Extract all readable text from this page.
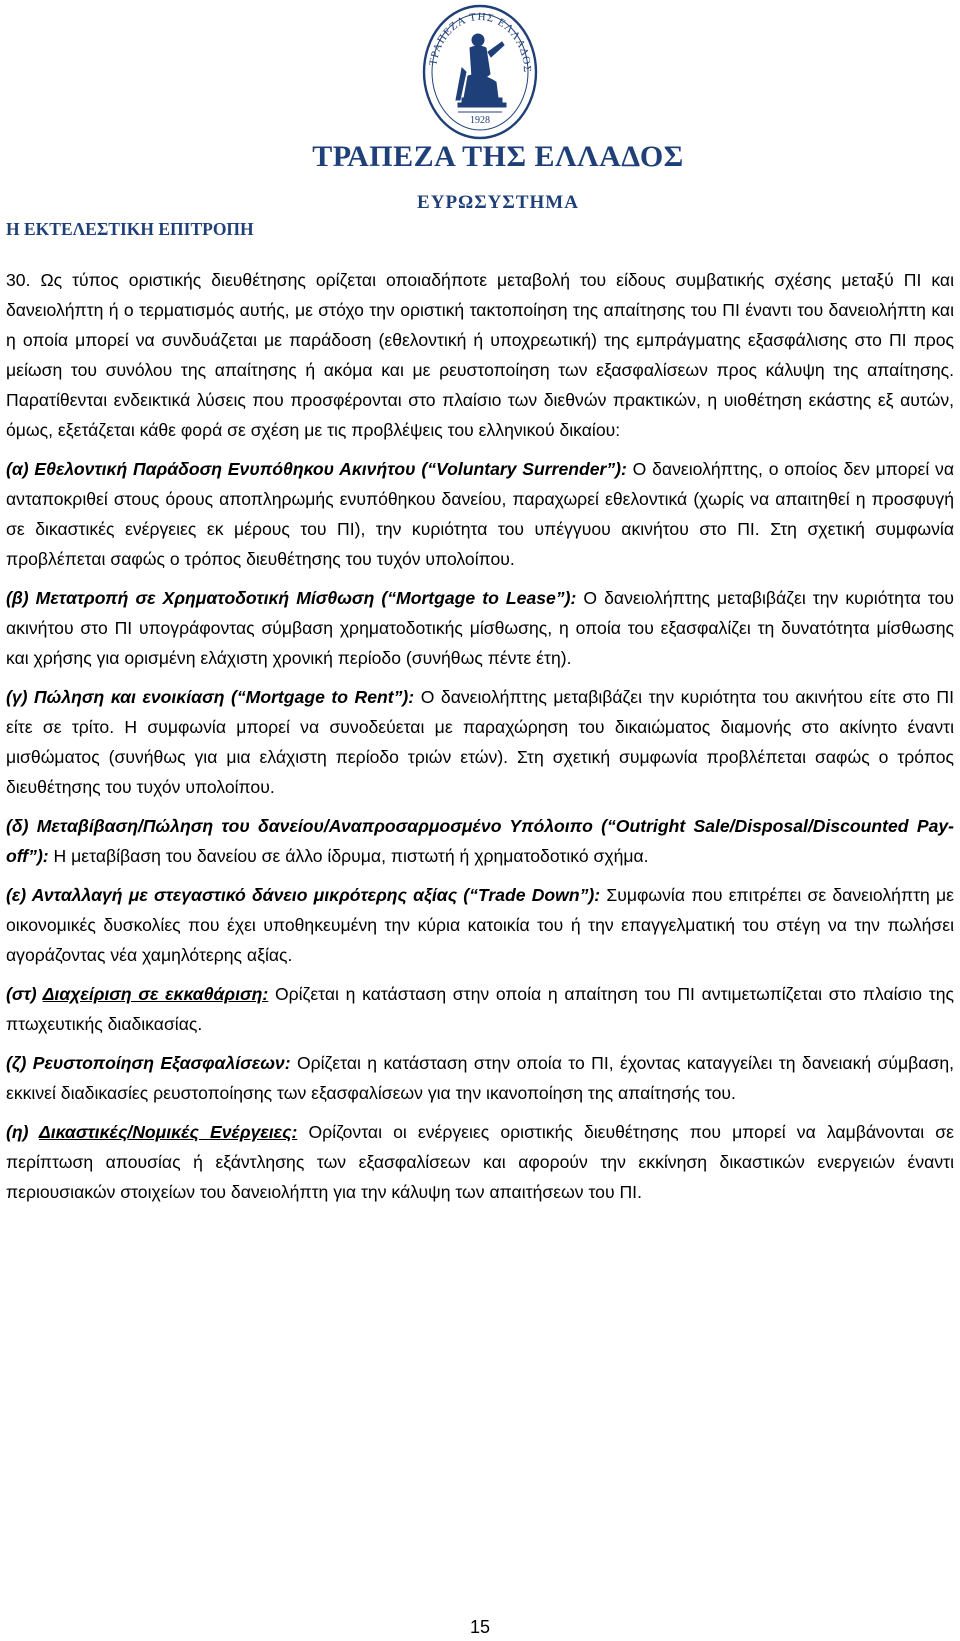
ΤΡΑΠΕΖΑ ΤΗΣ ΕΛΛΑΔΟΣ
1928
ΤΡΑΠΕΖΑ ΤΗΣ ΕΛΛΑΔΟΣ
ΕΥΡΩΣΥΣΤΗΜΑ
Η ΕΚΤΕΛΕΣΤΙΚΗ ΕΠΙΤΡΟΠΗ

30. Ως τύπος οριστικής διευθέτησης ορίζεται οποιαδήποτε μεταβολή του είδους συμβατικής σχέσης μεταξύ ΠΙ και δανειολήπτη ή ο τερματισμός αυτής, με στόχο την οριστική τακτοποίηση της απαίτησης του ΠΙ έναντι του δανειολήπτη και η οποία μπορεί να συνδυάζεται με παράδοση (εθελοντική ή υποχρεωτική) της εμπράγματης εξασφάλισης στο ΠΙ προς μείωση του συνόλου της απαίτησης ή ακόμα και με ρευστοποίηση των εξασφαλίσεων προς κάλυψη της απαίτησης. Παρατίθενται ενδεικτικά λύσεις που προσφέρονται στο πλαίσιο των διεθνών πρακτικών, η υιοθέτηση εκάστης εξ αυτών, όμως, εξετάζεται κάθε φορά σε σχέση με τις προβλέψεις του ελληνικού δικαίου:

(α) Εθελοντική Παράδοση Ενυπόθηκου Ακινήτου (“Voluntary Surrender”): Ο δανειολήπτης, ο οποίος δεν μπορεί να ανταποκριθεί στους όρους αποπληρωμής ενυπόθηκου δανείου, παραχωρεί εθελοντικά (χωρίς να απαιτηθεί η προσφυγή σε δικαστικές ενέργειες εκ μέρους του ΠΙ), την κυριότητα του υπέγγυου ακινήτου στο ΠΙ. Στη σχετική συμφωνία προβλέπεται σαφώς ο τρόπος διευθέτησης του τυχόν υπολοίπου.

(β) Μετατροπή σε Χρηματοδοτική Μίσθωση (“Mortgage to Lease”): Ο δανειολήπτης μεταβιβάζει την κυριότητα του ακινήτου στο ΠΙ υπογράφοντας σύμβαση χρηματοδοτικής μίσθωσης, η οποία του εξασφαλίζει τη δυνατότητα μίσθωσης και χρήσης για ορισμένη ελάχιστη χρονική περίοδο (συνήθως πέντε έτη).

(γ) Πώληση και ενοικίαση (“Mortgage to Rent”): Ο δανειολήπτης μεταβιβάζει την κυριότητα του ακινήτου είτε στο ΠΙ είτε σε τρίτο. Η συμφωνία μπορεί να συνοδεύεται με παραχώρηση του δικαιώματος διαμονής στο ακίνητο έναντι μισθώματος (συνήθως για μια ελάχιστη περίοδο τριών ετών). Στη σχετική συμφωνία προβλέπεται σαφώς ο τρόπος διευθέτησης του τυχόν υπολοίπου.

(δ) Μεταβίβαση/Πώληση του δανείου/Αναπροσαρμοσμένο Υπόλοιπο (“Outright Sale/Disposal/Discounted Pay-off”): Η μεταβίβαση του δανείου σε άλλο ίδρυμα, πιστωτή ή χρηματοδοτικό σχήμα.

(ε) Ανταλλαγή με στεγαστικό δάνειο μικρότερης αξίας (“Trade Down”): Συμφωνία που επιτρέπει σε δανειολήπτη με οικονομικές δυσκολίες που έχει υποθηκευμένη την κύρια κατοικία του ή την επαγγελματική του στέγη να την πωλήσει αγοράζοντας νέα χαμηλότερης αξίας.

(στ) Διαχείριση σε εκκαθάριση: Ορίζεται η κατάσταση στην οποία η απαίτηση του ΠΙ αντιμετωπίζεται στο πλαίσιο της πτωχευτικής διαδικασίας.

(ζ) Ρευστοποίηση Εξασφαλίσεων: Ορίζεται η κατάσταση στην οποία το ΠΙ, έχοντας καταγγείλει τη δανειακή σύμβαση, εκκινεί διαδικασίες ρευστοποίησης των εξασφαλίσεων για την ικανοποίηση της απαίτησής του.

(η) Δικαστικές/Νομικές Ενέργειες: Ορίζονται οι ενέργειες οριστικής διευθέτησης που μπορεί να λαμβάνονται σε περίπτωση απουσίας ή εξάντλησης των εξασφαλίσεων και αφορούν την εκκίνηση δικαστικών ενεργειών έναντι περιουσιακών στοιχείων του δανειολήπτη για την κάλυψη των απαιτήσεων του ΠΙ.

15
